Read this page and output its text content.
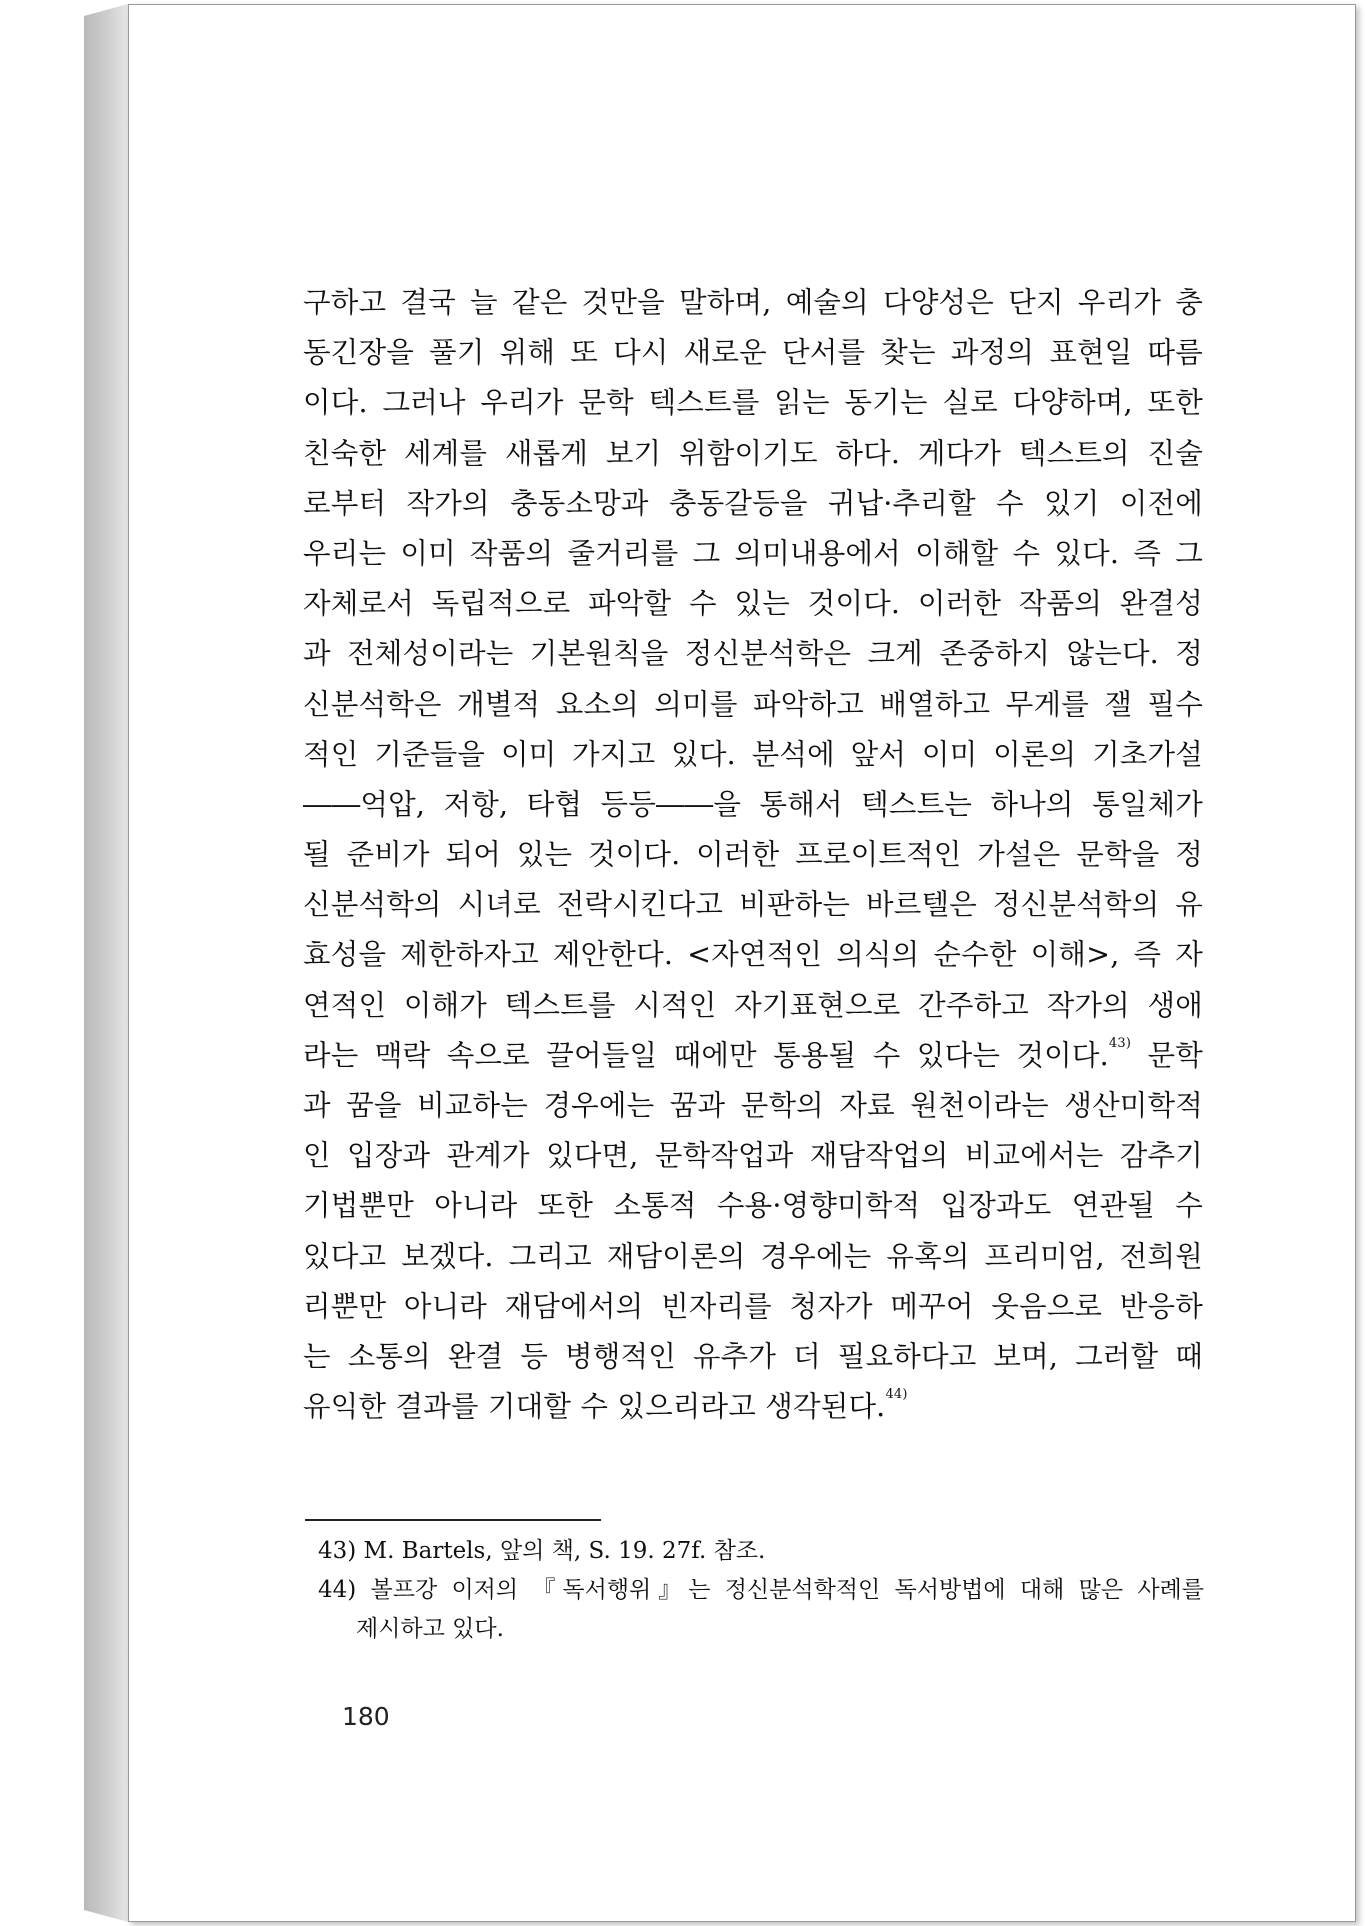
구하고 결국 늘 같은 것만을 말하며, 예술의 다양성은 단지 우리가 충
동긴장을 풀기 위해 또 다시 새로운 단서를 찾는 과정의 표현일 따름
이다. 그러나 우리가 문학 텍스트를 읽는 동기는 실로 다양하며, 또한
친숙한 세계를 새롭게 보기 위함이기도 하다. 게다가 텍스트의 진술
로부터 작가의 충동소망과 충동갈등을 귀납·추리할 수 있기 이전에
우리는 이미 작품의 줄거리를 그 의미내용에서 이해할 수 있다. 즉 그
자체로서 독립적으로 파악할 수 있는 것이다. 이러한 작품의 완결성
과 전체성이라는 기본원칙을 정신분석학은 크게 존중하지 않는다. 정
신분석학은 개별적 요소의 의미를 파악하고 배열하고 무게를 잴 필수
적인 기준들을 이미 가지고 있다. 분석에 앞서 이미 이론의 기초가설
――억압, 저항, 타협 등등――을 통해서 텍스트는 하나의 통일체가
될 준비가 되어 있는 것이다. 이러한 프로이트적인 가설은 문학을 정
신분석학의 시녀로 전락시킨다고 비판하는 바르텔은 정신분석학의 유
효성을 제한하자고 제안한다. <자연적인 의식의 순수한 이해>, 즉 자
연적인 이해가 텍스트를 시적인 자기표현으로 간주하고 작가의 생애
라는 맥락 속으로 끌어들일 때에만 통용될 수 있다는 것이다.$^{43)}$ 문학
과 꿈을 비교하는 경우에는 꿈과 문학의 자료 원천이라는 생산미학적
인 입장과 관계가 있다면, 문학작업과 재담작업의 비교에서는 감추기
기법뿐만 아니라 또한 소통적 수용·영향미학적 입장과도 연관될 수
있다고 보겠다. 그리고 재담이론의 경우에는 유혹의 프리미엄, 전희원
리뿐만 아니라 재담에서의 빈자리를 청자가 메꾸어 웃음으로 반응하
는 소통의 완결 등 병행적인 유추가 더 필요하다고 보며, 그러할 때
유익한 결과를 기대할 수 있으리라고 생각된다.$^{44)}$
43) M. Bartels, 앞의 책, S. 19. 27f. 참조.
44) 볼프강 이저의 『독서행위』는 정신분석학적인 독서방법에 대해 많은 사례를
제시하고 있다.
180
